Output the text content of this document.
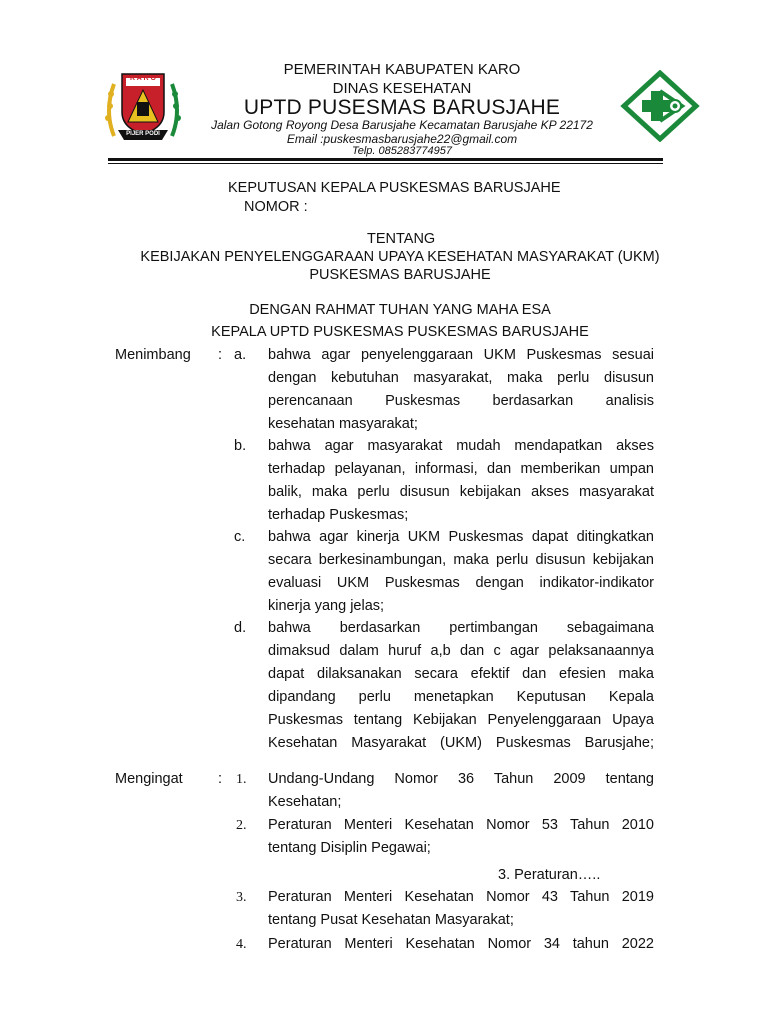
K A R O
PIJER PODI
PEMERINTAH KABUPATEN KARO
DINAS KESEHATAN
UPTD PUSESMAS BARUSJAHE
Jalan Gotong Royong Desa Barusjahe Kecamatan Barusjahe KP 22172
Email :puskesmasbarusjahe22@gmail.com
Telp. 085283774957
KEPUTUSAN KEPALA PUSKESMAS BARUSJAHE
NOMOR :
TENTANG
KEBIJAKAN PENYELENGGARAAN UPAYA KESEHATAN MASYARAKAT (UKM)
PUSKESMAS BARUSJAHE
DENGAN RAHMAT TUHAN YANG MAHA ESA
KEPALA UPTD PUSKESMAS PUSKESMAS BARUSJAHE
Menimbang : a. bahwa agar penyelenggaraan UKM Puskesmas sesuai
dengan kebutuhan masyarakat, maka perlu disusun
perencanaan Puskesmas berdasarkan analisis
kesehatan masyarakat;
b. bahwa agar masyarakat mudah mendapatkan akses
terhadap pelayanan, informasi, dan memberikan umpan
balik, maka perlu disusun kebijakan akses masyarakat
terhadap Puskesmas;
c. bahwa agar kinerja UKM Puskesmas dapat ditingkatkan
secara berkesinambungan, maka perlu disusun kebijakan
evaluasi UKM Puskesmas dengan indikator-indikator
kinerja yang jelas;
d. bahwa berdasarkan pertimbangan sebagaimana
dimaksud dalam huruf a,b dan c agar pelaksanaannya
dapat dilaksanakan secara efektif dan efesien maka
dipandang perlu menetapkan Keputusan Kepala
Puskesmas tentang Kebijakan Penyelenggaraan Upaya
Kesehatan Masyarakat (UKM) Puskesmas Barusjahe;
Mengingat : 1. Undang-Undang Nomor 36 Tahun 2009 tentang
Kesehatan;
2. Peraturan Menteri Kesehatan Nomor 53 Tahun 2010
tentang Disiplin Pegawai;
3. Peraturan…..
3. Peraturan Menteri Kesehatan Nomor 43 Tahun 2019
tentang Pusat Kesehatan Masyarakat;
4. Peraturan Menteri Kesehatan Nomor 34 tahun 2022
